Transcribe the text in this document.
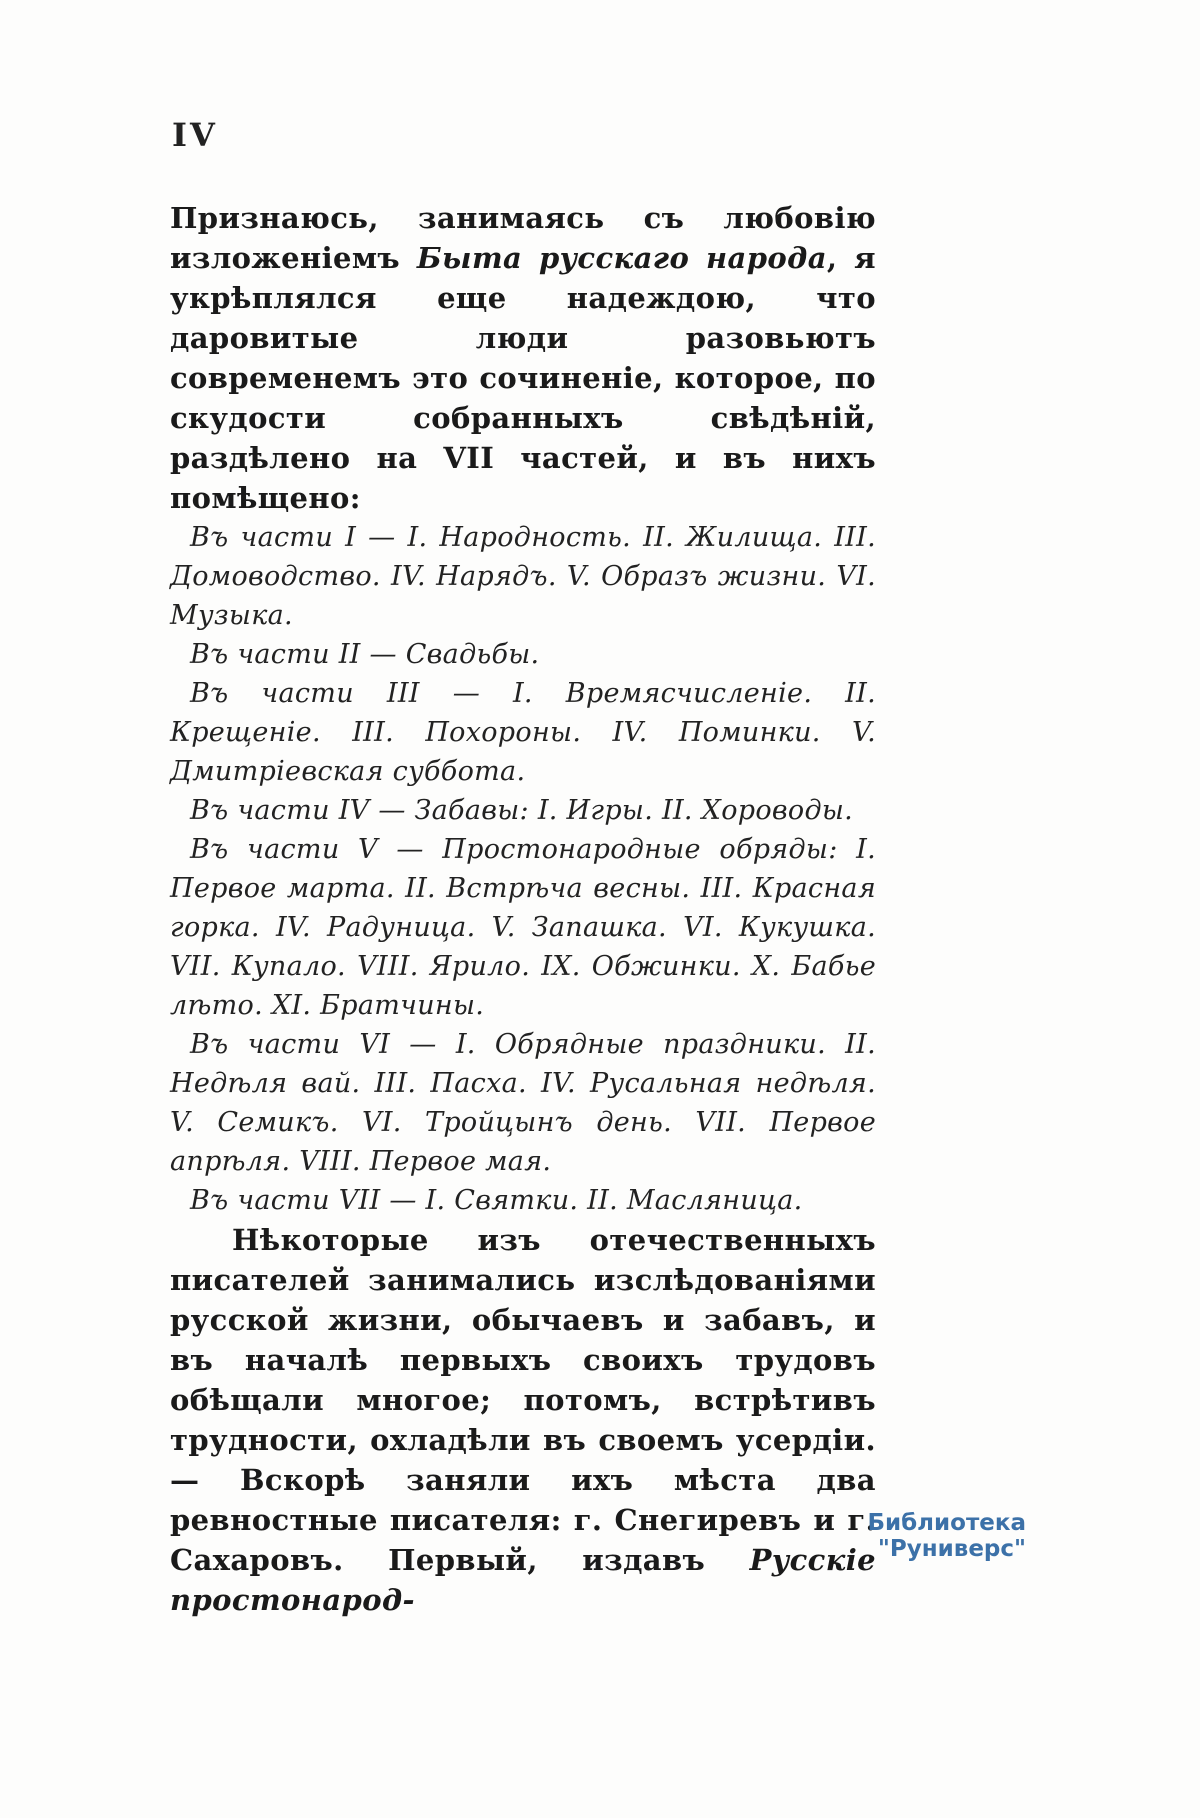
IV

Признаюсь, занимаясь съ любовію изложеніемъ Быта русскаго народа, я укрѣплялся еще надеждою, что даровитые люди разовьютъ современемъ это сочиненіе, которое, по скудости собранныхъ свѣдѣній, раздѣлено на VII частей, и въ нихъ помѣщено:

Въ части I — I. Народность. II. Жилища. III. Домоводство. IV. Нарядъ. V. Образъ жизни. VI. Музыка.

Въ части II — Свадьбы.

Въ части III — I. Времясчисленіе. II. Крещеніе. III. Похороны. IV. Поминки. V. Дмитріевская суббота.

Въ части IV — Забавы: I. Игры. II. Хороводы.

Въ части V — Простонародные обряды: I. Первое марта. II. Встрѣча весны. III. Красная горка. IV. Радуница. V. Запашка. VI. Кукушка. VII. Купало. VIII. Ярило. IX. Обжинки. X. Бабье лѣто. XI. Братчины.

Въ части VI — I. Обрядные праздники. II. Недѣля вай. III. Пасха. IV. Русальная недѣля. V. Семикъ. VI. Тройцынъ день. VII. Первое апрѣля. VIII. Первое мая.

Въ части VII — I. Святки. II. Масляница.

Нѣкоторые изъ отечественныхъ писателей занимались изслѣдованіями русской жизни, обычаевъ и забавъ, и въ началѣ первыхъ своихъ трудовъ обѣщали многое; потомъ, встрѣтивъ трудности, охладѣли въ своемъ усердіи. — Вскорѣ заняли ихъ мѣста два ревностные писателя: г. Снегиревъ и г. Сахаровъ. Первый, издавъ Русскіе простонарод-

Библиотека "Руниверс"
